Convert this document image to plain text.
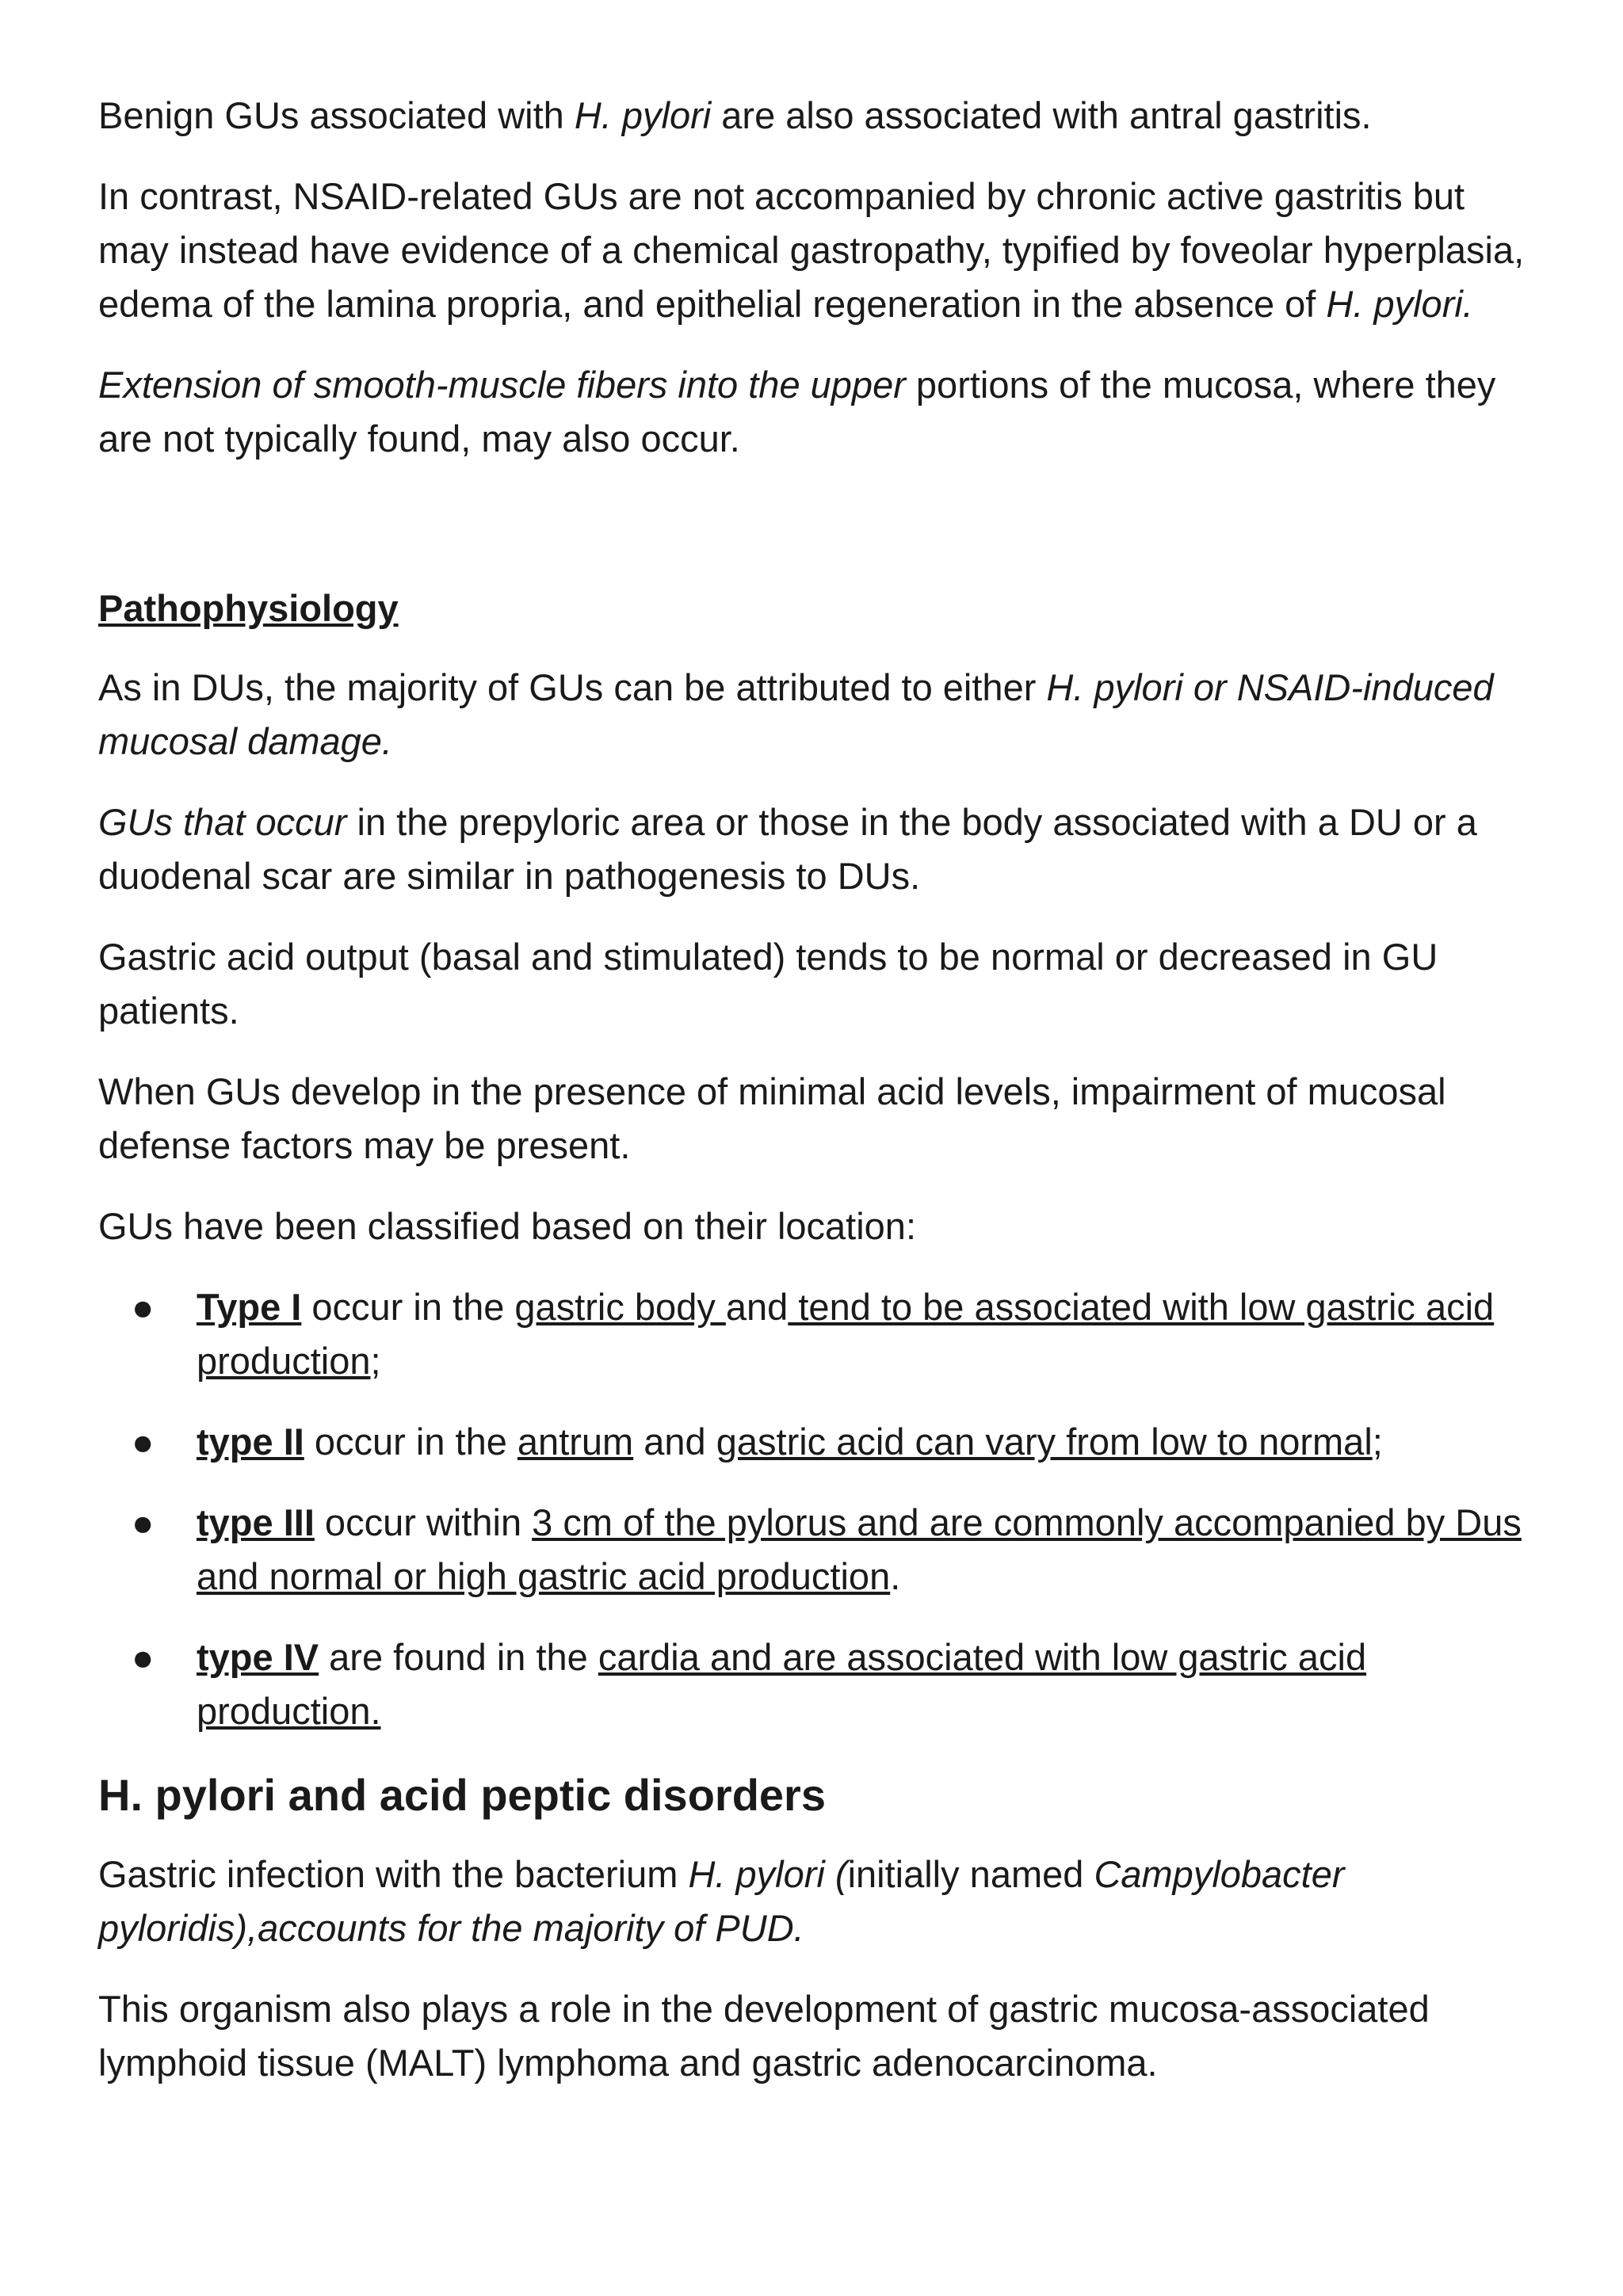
Benign GUs associated with H. pylori are also associated with antral gastritis.

In contrast, NSAID-related GUs are not accompanied by chronic active gastritis but may instead have evidence of a chemical gastropathy, typified by foveolar hyperplasia, edema of the lamina propria, and epithelial regeneration in the absence of H. pylori.

Extension of smooth-muscle fibers into the upper portions of the mucosa, where they are not typically found, may also occur.

Pathophysiology

As in DUs, the majority of GUs can be attributed to either H. pylori or NSAID-induced mucosal damage.

GUs that occur in the prepyloric area or those in the body associated with a DU or a duodenal scar are similar in pathogenesis to DUs.

Gastric acid output (basal and stimulated) tends to be normal or decreased in GU patients.

When GUs develop in the presence of minimal acid levels, impairment of mucosal defense factors may be present.

GUs have been classified based on their location:

● Type I occur in the gastric body and tend to be associated with low gastric acid production;
● type II occur in the antrum and gastric acid can vary from low to normal;
● type III occur within 3 cm of the pylorus and are commonly accompanied by Dus and normal or high gastric acid production.
● type IV are found in the cardia and are associated with low gastric acid production.
H. pylori and acid peptic disorders

Gastric infection with the bacterium H. pylori (initially named Campylobacter pyloridis),accounts for the majority of PUD.

This organism also plays a role in the development of gastric mucosa-associated lymphoid tissue (MALT) lymphoma and gastric adenocarcinoma.
